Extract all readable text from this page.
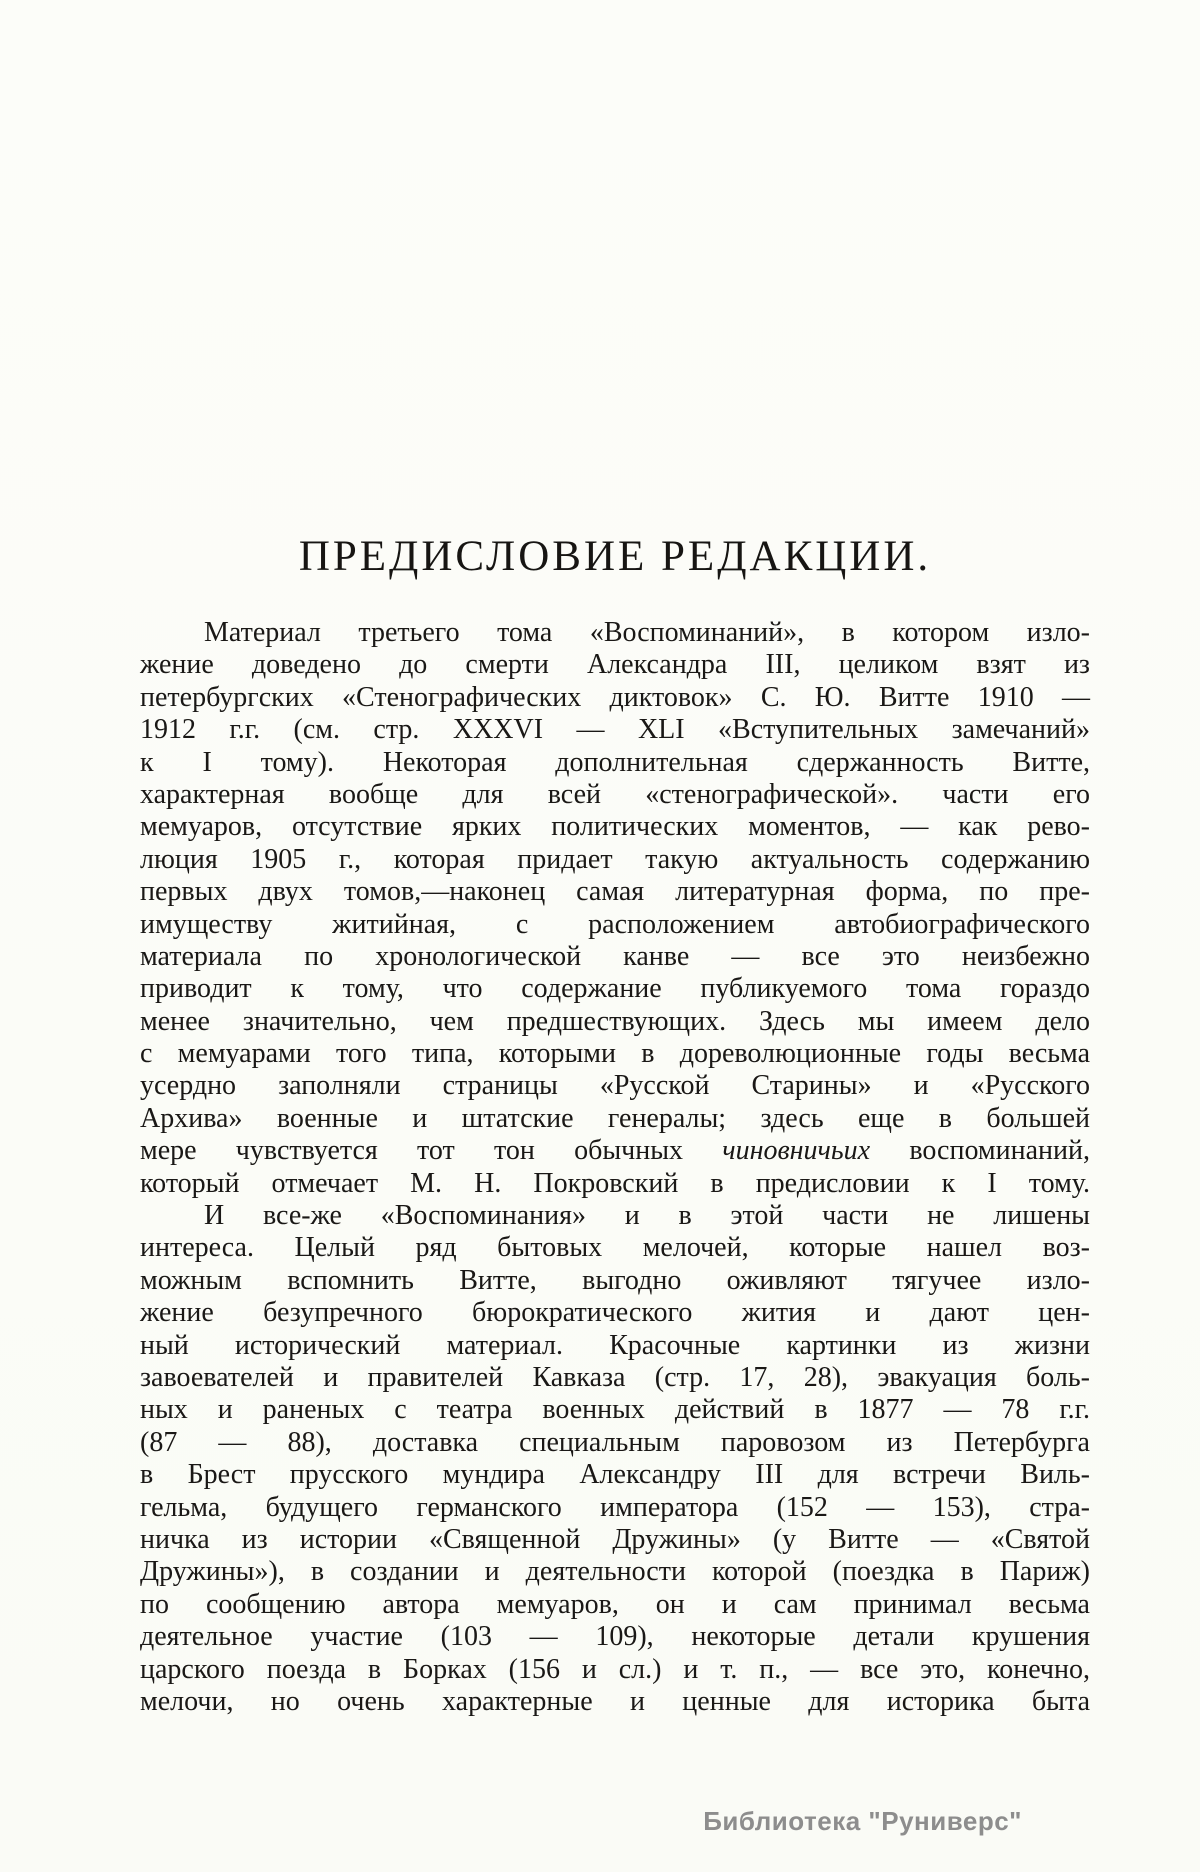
ПРЕДИСЛОВИЕ РЕДАКЦИИ.
Материал третьего тома «Воспоминаний», в котором изло-
жение доведено до смерти Александра III, целиком взят из
петербургских «Стенографических диктовок» С. Ю. Витте 1910 —
1912 г.г. (см. стр. XXXVI — XLI «Вступительных замечаний»
к I тому). Некоторая дополнительная сдержанность Витте,
характерная вообще для всей «стенографической». части его
мемуаров, отсутствие ярких политических моментов, — как рево-
люция 1905 г., которая придает такую актуальность содержанию
первых двух томов,—наконец самая литературная форма, по пре-
имуществу житийная, с расположением автобиографического
материала по хронологической канве — все это неизбежно
приводит к тому, что содержание публикуемого тома гораздо
менее значительно, чем предшествующих. Здесь мы имеем дело
с мемуарами того типа, которыми в дореволюционные годы весьма
усердно заполняли страницы «Русской Старины» и «Русского
Архива» военные и штатские генералы; здесь еще в большей
мере чувствуется тот тон обычных чиновничьих воспоминаний,
который отмечает М. Н. Покровский в предисловии к I тому.
И все-же «Воспоминания» и в этой части не лишены
интереса. Целый ряд бытовых мелочей, которые нашел воз-
можным вспомнить Витте, выгодно оживляют тягучее изло-
жение безупречного бюрократического жития и дают цен-
ный исторический материал. Красочные картинки из жизни
завоевателей и правителей Кавказа (стр. 17, 28), эвакуация боль-
ных и раненых с театра военных действий в 1877 — 78 г.г.
(87 — 88), доставка специальным паровозом из Петербурга
в Брест прусского мундира Александру III для встречи Виль-
гельма, будущего германского императора (152 — 153), стра-
ничка из истории «Священной Дружины» (у Витте — «Святой
Дружины»), в создании и деятельности которой (поездка в Париж)
по сообщению автора мемуаров, он и сам принимал весьма
деятельное участие (103 — 109), некоторые детали крушения
царского поезда в Борках (156 и сл.) и т. п., — все это, конечно,
мелочи, но очень характерные и ценные для историка быта
Библиотека "Руниверс"
